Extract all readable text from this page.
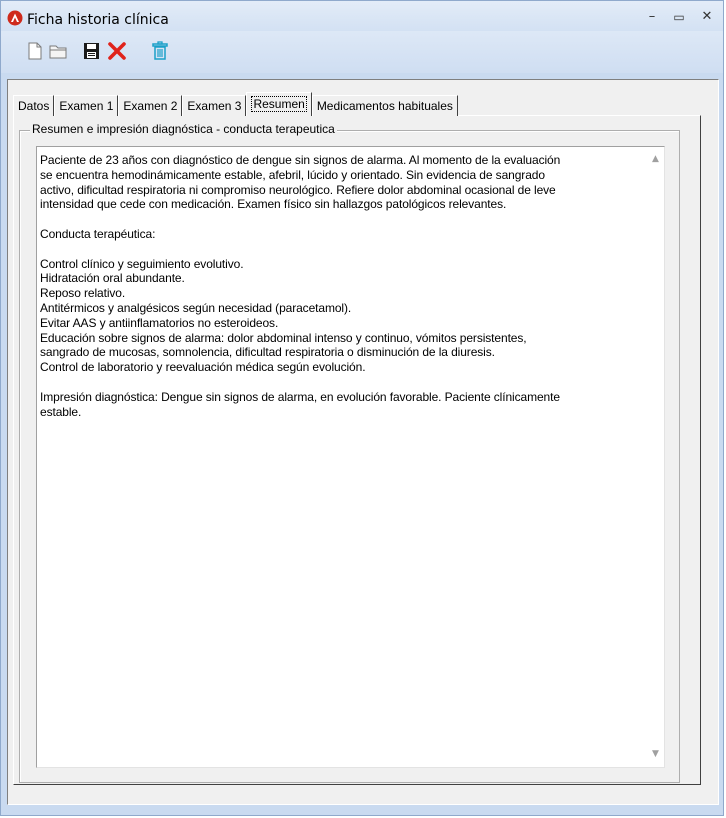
Ficha historia clínica	–	▭	✕
Datos Examen 1 Examen 2 Examen 3	Resumen	Medicamentos habituales
Resumen e impresión diagnóstica - conducta terapeutica

Paciente de 23 años con diagnóstico de dengue sin signos de alarma. Al momento de la evaluación

se encuentra hemodinámicamente estable, afebril, lúcido y orientado. Sin evidencia de sangrado

activo, dificultad respiratoria ni compromiso neurológico. Refiere dolor abdominal ocasional de leve

intensidad que cede con medicación. Examen físico sin hallazgos patológicos relevantes.

Conducta terapéutica:

Control clínico y seguimiento evolutivo.

Hidratación oral abundante.

Reposo relativo.

Antitérmicos y analgésicos según necesidad (paracetamol).

Evitar AAS y antiinflamatorios no esteroideos.

Educación sobre signos de alarma: dolor abdominal intenso y continuo, vómitos persistentes,

sangrado de mucosas, somnolencia, dificultad respiratoria o disminución de la diuresis.

Control de laboratorio y reevaluación médica según evolución.

Impresión diagnóstica: Dengue sin signos de alarma, en evolución favorable. Paciente clínicamente

estable.

▲
▼
